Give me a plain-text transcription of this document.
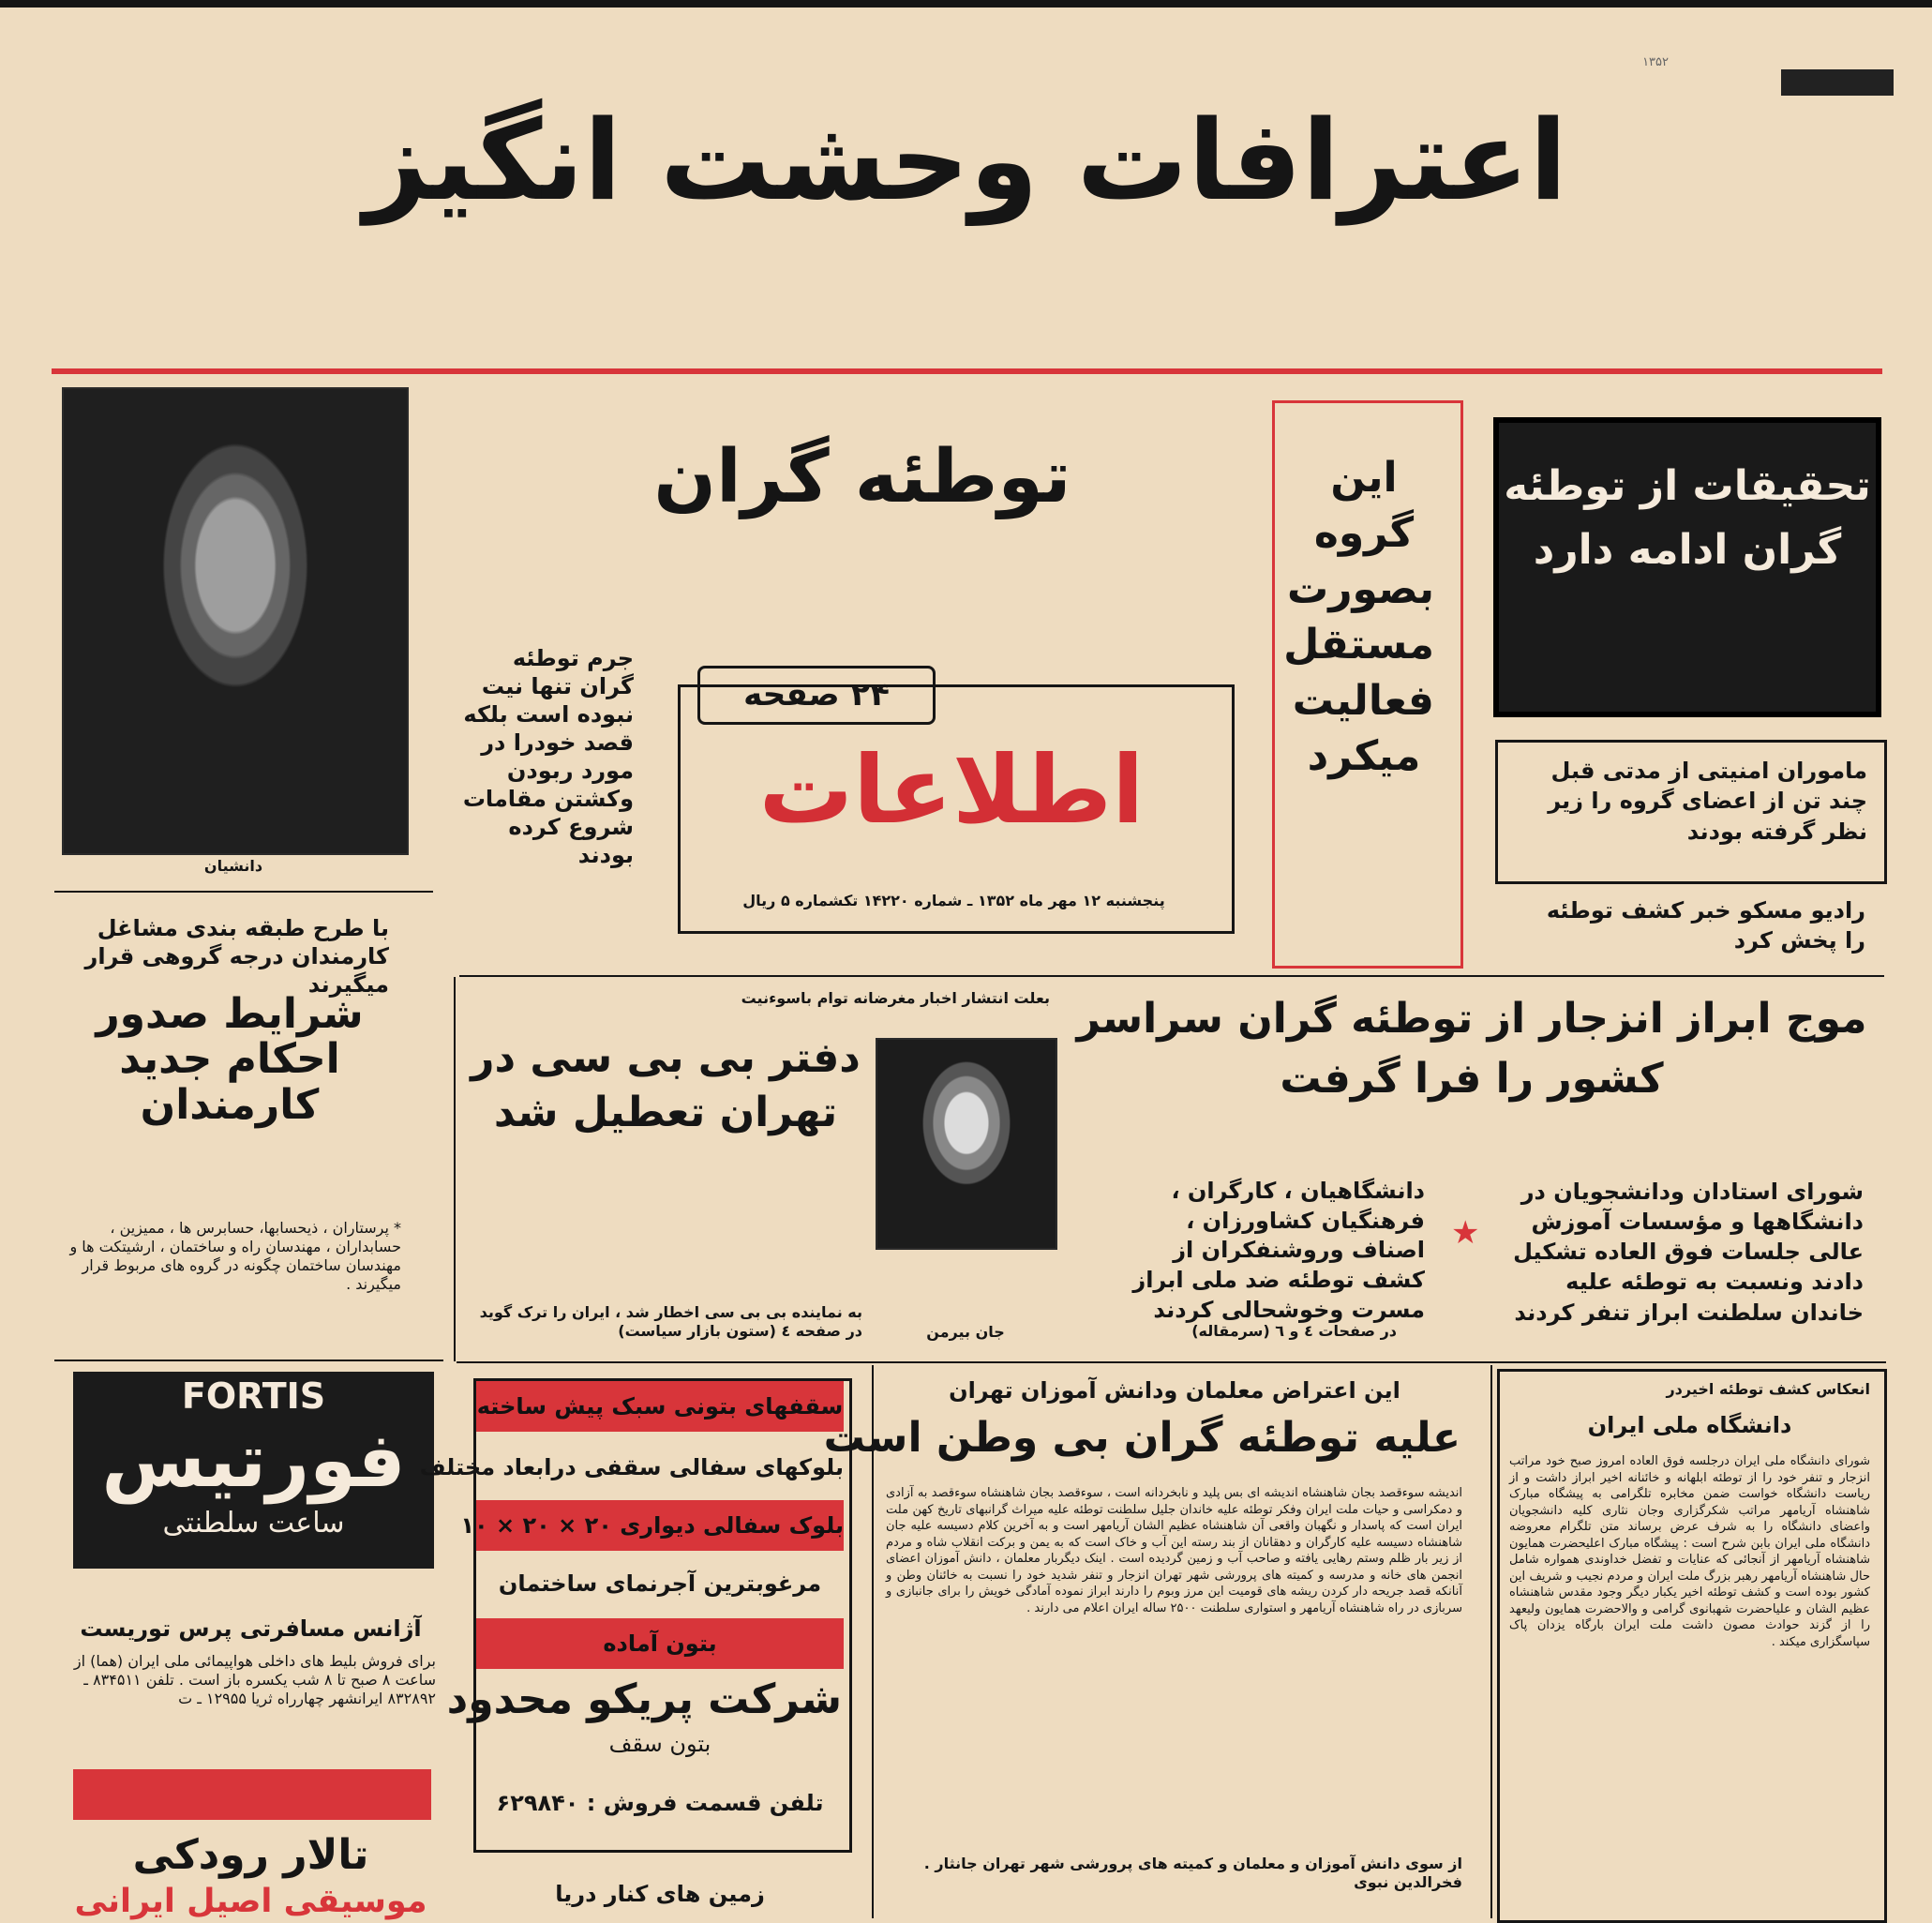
۱۳۵۲
اعترافات وحشت انگیز
دانشیان
با طرح طبقه بندی مشاغل کارمندان درجه گروهی قرار میگیرند
شرایط صدور احکام جدید کارمندان
* پرستاران ، ذیحسابها، حسابرس ها ، ممیزین ، حسابداران ، مهندسان راه و ساختمان ، ارشیتکت ها و مهندسان ساختمان چگونه در گروه های مربوط قرار میگیرند .
توطئه گران
جرم توطئه گران تنها نیت نبوده است بلکه قصد خودرا در مورد ربودن وکشتن مقامات شروع کرده بودند
۲۴ صفحه
اطلاعات
پنجشنبه ۱۲ مهر ماه ۱۳۵۲ ـ شماره ۱۴۲۲۰ تکشماره ۵ ریال
این گروه بصورت مستقل فعالیت میکرد
تحقیقات از توطئه گران ادامه دارد
ماموران امنیتی از مدتی قبل چند تن از اعضای گروه را زیر نظر گرفته بودند
رادیو مسکو خبر کشف توطئه را پخش کرد
بعلت انتشار اخبار مغرضانه توام باسوءنیت
دفتر بی بی سی در تهران تعطیل شد
جان بیرمن
به نماینده بی بی سی اخطار شد ، ایران را ترک گوید در صفحه ٤ (ستون بازار سیاست)
موج ابراز انزجار از توطئه گران سراسر کشور را فرا گرفت
دانشگاهیان ، کارگران ، فرهنگیان کشاورزان ، اصناف وروشنفکران از کشف توطئه ضد ملی ابراز مسرت وخوشحالی کردند
در صفحات ٤ و ٦ (سرمقاله)
★
شورای استادان ودانشجویان در دانشگاهها و مؤسسات آموزش عالی جلسات فوق العاده تشکیل دادند ونسبت به توطئه علیه خاندان سلطنت ابراز تنفر کردند
FORTIS
فورتیس
ساعت سلطنتی
آژانس مسافرتی پرس توریست
برای فروش بلیط های داخلی هواپیمائی ملی ایران (هما) از ساعت ۸ صبح تا ۸ شب یکسره باز است . تلفن ۸۳۴۵۱۱ ـ ۸۳۲۸۹۲ ایرانشهر چهارراه ثریا ۱۲۹۵۵ ـ ت
تالار رودکی
موسیقی اصیل ایرانی
سقفهای بتونی سبک پیش ساخته
بلوکهای سفالی سقفی درابعاد مختلف
بلوک سفالی دیواری ۲۰ × ۲۰ × ۱۰
مرغوبترین آجرنمای ساختمان
بتون آماده
شرکت پریکو محدود
بتون سقف
تلفن قسمت فروش : ۶۲۹۸۴۰
زمین های کنار دریا
این اعتراض معلمان ودانش آموزان تهران
علیه توطئه گران بی وطن است
اندیشه سوءقصد بجان شاهنشاه اندیشه ای بس پلید و نابخردانه است ، سوءقصد بجان شاهنشاه سوءقصد به آزادی و دمکراسی و حیات ملت ایران وفکر توطئه علیه خاندان جلیل سلطنت توطئه علیه میراث گرانبهای تاریخ کهن ملت ایران است که پاسدار و نگهبان واقعی آن شاهنشاه عظیم الشان آریامهر است و به آخرین کلام دسیسه علیه جان شاهنشاه دسیسه علیه کارگران و دهقانان از بند رسته این آب و خاک است که به یمن و برکت انقلاب شاه و مردم از زیر بار ظلم وستم رهایی یافته و صاحب آب و زمین گردیده است . اینک دیگربار معلمان ، دانش آموزان اعضای انجمن های خانه و مدرسه و کمیته های پرورشی شهر تهران انزجار و تنفر شدید خود را نسبت به خائنان وطن و آنانکه قصد جریحه دار کردن ریشه های قومیت این مرز وبوم را دارند ابراز نموده آمادگی خویش را برای جانبازی و سربازی در راه شاهنشاه آریامهر و استواری سلطنت ۲۵۰۰ ساله ایران اعلام می دارند .
از سوی دانش آموزان و معلمان و کمیته های پرورشی شهر تهران جانثار . فخرالدین نبوی
انعکاس کشف توطئه اخیردر
دانشگاه ملی ایران
شورای دانشگاه ملی ایران درجلسه فوق العاده امروز صبح خود مراتب انزجار و تنفر خود را از توطئه ابلهانه و خائنانه اخیر ابراز داشت و از ریاست دانشگاه خواست ضمن مخابره تلگرامی به پیشگاه مبارک شاهنشاه آریامهر مراتب شکرگزاری وجان نثاری کلیه دانشجویان واعضای دانشگاه را به شرف عرض برساند متن تلگرام معروضه دانشگاه ملی ایران بابن شرح است : پیشگاه مبارک اعلیحضرت همایون شاهنشاه آریامهر از آنجائی که عنایات و تفضل خداوندی همواره شامل حال شاهنشاه آریامهر رهبر بزرگ ملت ایران و مردم نجیب و شریف این کشور بوده است و کشف توطئه اخیر یکبار دیگر وجود مقدس شاهنشاه عظیم الشان و علیاحضرت شهبانوی گرامی و والاحضرت همایون ولیعهد را از گزند حوادث مصون داشت ملت ایران بارگاه یزدان پاک سپاسگزاری میکند .
